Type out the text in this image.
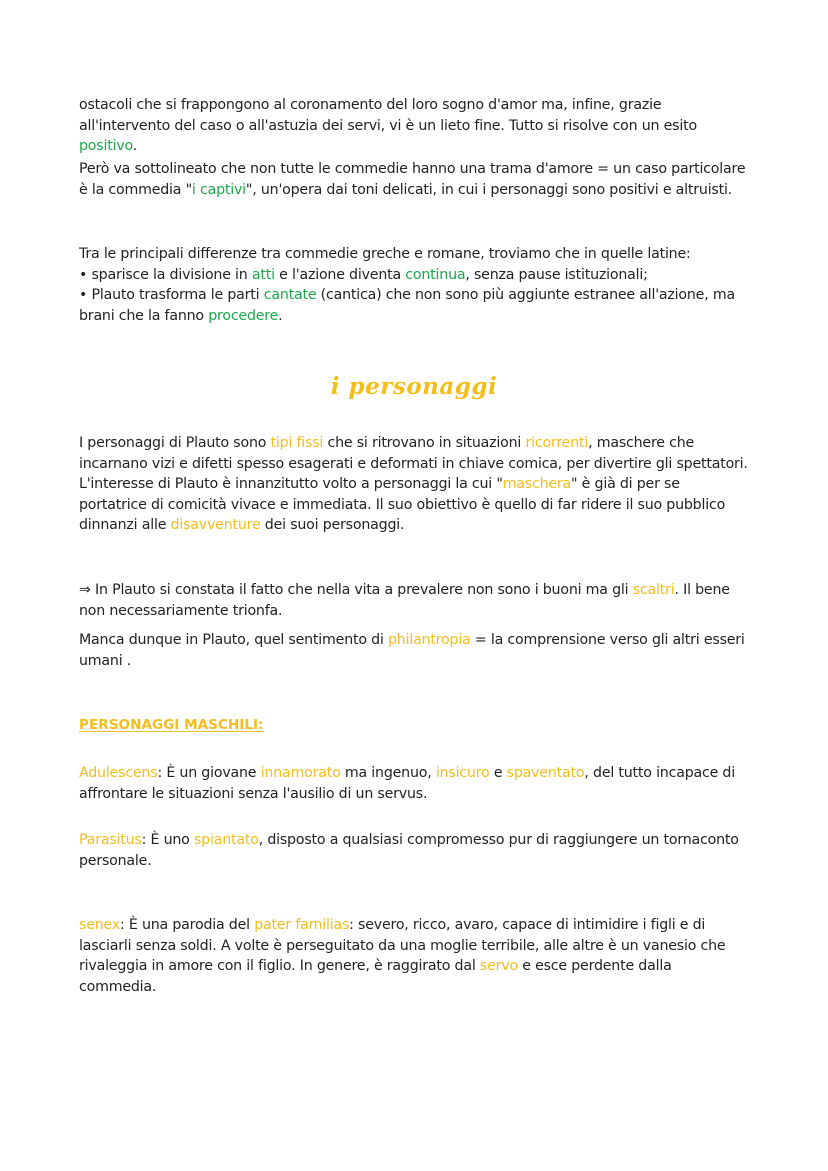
ostacoli che si frappongono al coronamento del loro sogno d'amor ma, infine, grazie all'intervento del caso o all'astuzia dei servi, vi è un lieto fine. Tutto si risolve con un esito positivo.

Però va sottolineato che non tutte le commedie hanno una trama d'amore = un caso particolare è la commedia "i captivi", un'opera dai toni delicati, in cui i personaggi sono positivi e altruisti.

Tra le principali differenze tra commedie greche e romane, troviamo che in quelle latine:
• sparisce la divisione in atti e l'azione diventa continua, senza pause istituzionali;
• Plauto trasforma le parti cantate (cantica) che non sono più aggiunte estranee all'azione, ma brani che la fanno procedere.

i personaggi

I personaggi di Plauto sono tipi fissi che si ritrovano in situazioni ricorrenti, maschere che incarnano vizi e difetti spesso esagerati e deformati in chiave comica, per divertire gli spettatori. L'interesse di Plauto è innanzitutto volto a personaggi la cui "maschera" è già di per se portatrice di comicità vivace e immediata. Il suo obiettivo è quello di far ridere il suo pubblico dinnanzi alle disavventure dei suoi personaggi.

⇒ In Plauto si constata il fatto che nella vita a prevalere non sono i buoni ma gli scaltri. Il bene non necessariamente trionfa.

Manca dunque in Plauto, quel sentimento di philantropia = la comprensione verso gli altri esseri umani .

PERSONAGGI MASCHILI:

Adulescens: È un giovane innamorato ma ingenuo, insicuro e spaventato, del tutto incapace di affrontare le situazioni senza l'ausilio di un servus.

Parasitus: È uno spiantato, disposto a qualsiasi compromesso pur di raggiungere un tornaconto personale.

senex: È una parodia del pater familias: severo, ricco, avaro, capace di intimidire i figli e di lasciarli senza soldi. A volte è perseguitato da una moglie terribile, alle altre è un vanesio che rivaleggia in amore con il figlio. In genere, è raggirato dal servo e esce perdente dalla commedia.
